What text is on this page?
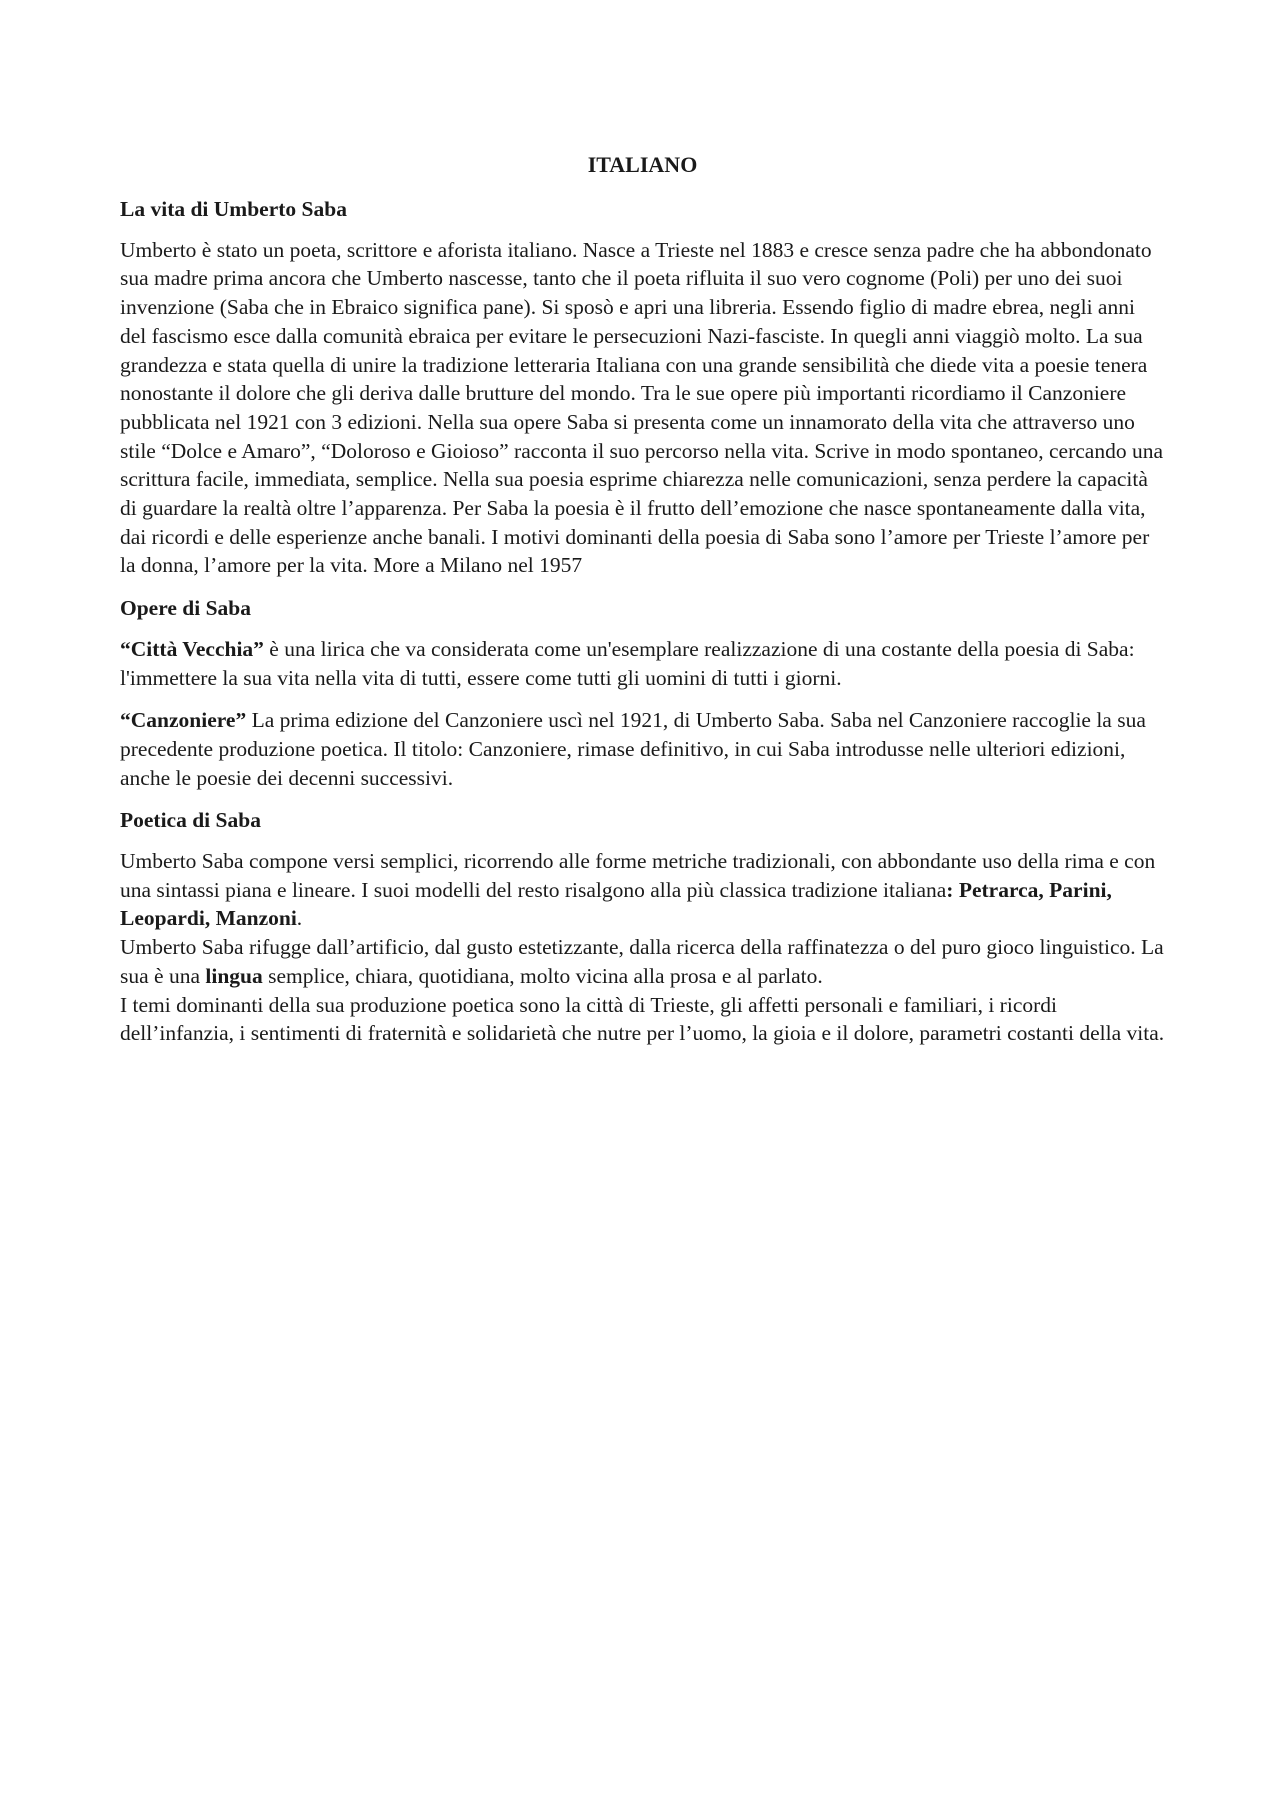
ITALIANO
La vita di Umberto Saba

Umberto è stato un poeta, scrittore e aforista italiano. Nasce a Trieste nel 1883 e cresce senza padre che ha abbondonato sua madre prima ancora che Umberto nascesse, tanto che il poeta rifluita il suo vero cognome (Poli) per uno dei suoi invenzione (Saba che in Ebraico significa pane). Si sposò e apri una libreria. Essendo figlio di madre ebrea, negli anni del fascismo esce dalla comunità ebraica per evitare le persecuzioni Nazi-fasciste. In quegli anni viaggiò molto. La sua grandezza e stata quella di unire la tradizione letteraria Italiana con una grande sensibilità che diede vita a poesie tenera nonostante il dolore che gli deriva dalle brutture del mondo. Tra le sue opere più importanti ricordiamo il Canzoniere pubblicata nel 1921 con 3 edizioni. Nella sua opere Saba si presenta come un innamorato della vita che attraverso uno stile “Dolce e Amaro”, “Doloroso e Gioioso” racconta il suo percorso nella vita. Scrive in modo spontaneo, cercando una scrittura facile, immediata, semplice. Nella sua poesia esprime chiarezza nelle comunicazioni, senza perdere la capacità di guardare la realtà oltre l’apparenza. Per Saba la poesia è il frutto dell’emozione che nasce spontaneamente dalla vita, dai ricordi e delle esperienze anche banali. I motivi dominanti della poesia di Saba sono l’amore per Trieste l’amore per la donna, l’amore per la vita. More a Milano nel 1957

Opere di Saba

“Città Vecchia” è una lirica che va considerata come un'esemplare realizzazione di una costante della poesia di Saba: l'immettere la sua vita nella vita di tutti, essere come tutti gli uomini di tutti i giorni.

“Canzoniere” La prima edizione del Canzoniere uscì nel 1921, di Umberto Saba. Saba nel Canzoniere raccoglie la sua precedente produzione poetica. Il titolo: Canzoniere, rimase definitivo, in cui Saba introdusse nelle ulteriori edizioni, anche le poesie dei decenni successivi.

Poetica di Saba

Umberto Saba compone versi semplici, ricorrendo alle forme metriche tradizionali, con abbondante uso della rima e con una sintassi piana e lineare. I suoi modelli del resto risalgono alla più classica tradizione italiana: Petrarca, Parini, Leopardi, Manzoni.

Umberto Saba rifugge dall’artificio, dal gusto estetizzante, dalla ricerca della raffinatezza o del puro gioco linguistico. La sua è una lingua semplice, chiara, quotidiana, molto vicina alla prosa e al parlato.

I temi dominanti della sua produzione poetica sono la città di Trieste, gli affetti personali e familiari, i ricordi dell’infanzia, i sentimenti di fraternità e solidarietà che nutre per l’uomo, la gioia e il dolore, parametri costanti della vita.
